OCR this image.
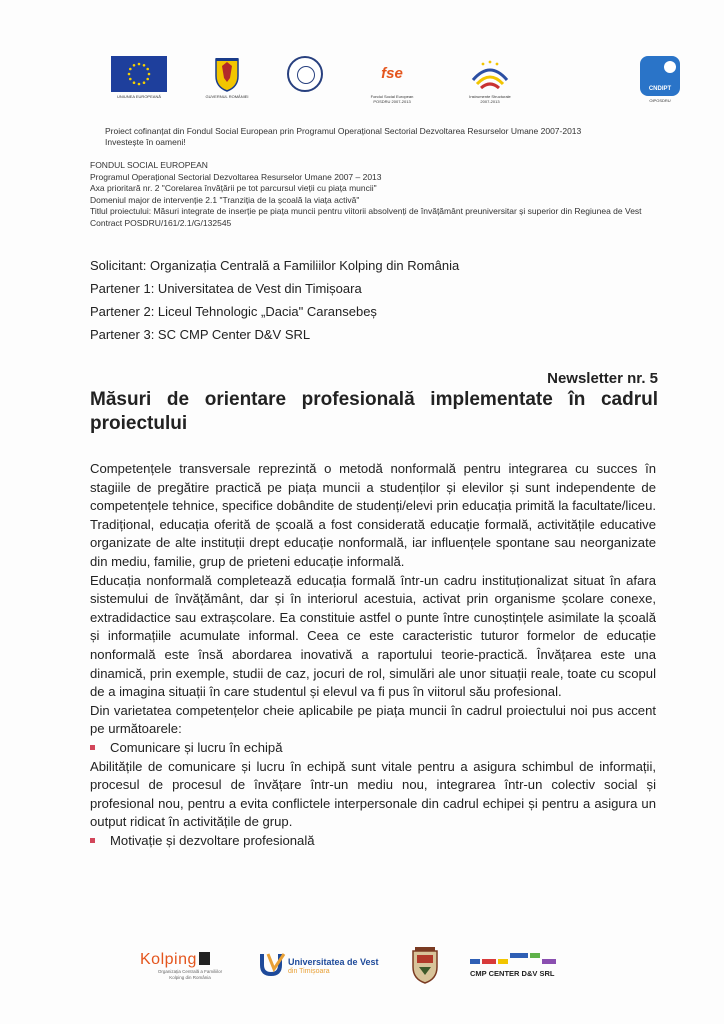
UNIUNEA EUROPEANĂ	GUVERNUL ROMÂNIEI
fse
Fondul Social European
POSDRU 2007-2013
Instrumente Structurale
2007-2013
CNDIPT
OIPOSDRU
Proiect cofinanțat din Fondul Social European prin Programul Operațional Sectorial Dezvoltarea Resurselor Umane 2007-2013
Investește în oameni!
FONDUL SOCIAL EUROPEAN
Programul Operațional Sectorial Dezvoltarea Resurselor Umane 2007 – 2013
Axa prioritară nr. 2 "Corelarea învățării pe tot parcursul vieții cu piața muncii"
Domeniul major de intervenție 2.1 "Tranziția de la școală la viața activă"
Titlul proiectului: Măsuri integrate de inserție pe piața muncii pentru viitorii absolvenți de învățământ preuniversitar și superior din Regiunea de Vest
Contract POSDRU/161/2.1/G/132545
Solicitant: Organizația Centrală a Familiilor Kolping din România
Partener 1: Universitatea de Vest din Timișoara
Partener 2: Liceul Tehnologic „Dacia" Caransebeș
Partener 3: SC CMP Center D&V SRL
Newsletter nr. 5
Măsuri de orientare profesională implementate în cadrul proiectului

Competențele transversale reprezintă o metodă nonformală pentru integrarea cu succes în stagiile de pregătire practică pe piața muncii a studenților și elevilor și sunt independente de competențele tehnice, specifice dobândite de studenți/elevi prin educația primită la facultate/liceu. Tradițional, educația oferită de școală a fost considerată educație formală, activitățile educative organizate de alte instituții drept educație nonformală, iar influențele spontane sau neorganizate din mediu, familie, grup de prieteni educație informală.

Educația nonformală completează educația formală într-un cadru instituționalizat situat în afara sistemului de învățământ, dar și în interiorul acestuia, activat prin organisme școlare conexe, extradidactice sau extrașcolare. Ea constituie astfel o punte între cunoștințele asimilate la școală și informațiile acumulate informal. Ceea ce este caracteristic tuturor formelor de educație nonformală este însă abordarea inovativă a raportului teorie-practică. Învățarea este una dinamică, prin exemple, studii de caz, jocuri de rol, simulări ale unor situații reale, toate cu scopul de a imagina situații în care studentul și elevul va fi pus în viitorul său profesional.

Din varietatea competențelor cheie aplicabile pe piața muncii în cadrul proiectului noi pus accent pe următoarele:

Comunicare și lucru în echipă

Abilitățile de comunicare și lucru în echipă sunt vitale pentru a asigura schimbul de informații, procesul de procesul de învățare într-un mediu nou, integrarea într-un colectiv social și profesional nou, pentru a evita conflictele interpersonale din cadrul echipei și pentru a asigura un output ridicat în activitățile de grup.

Motivație și dezvoltare profesională

Kolping
Organizația Centrală a Familiilor
Kolping din România
Universitatea de Vest
din Timișoara	CMP CENTER D&V SRL
